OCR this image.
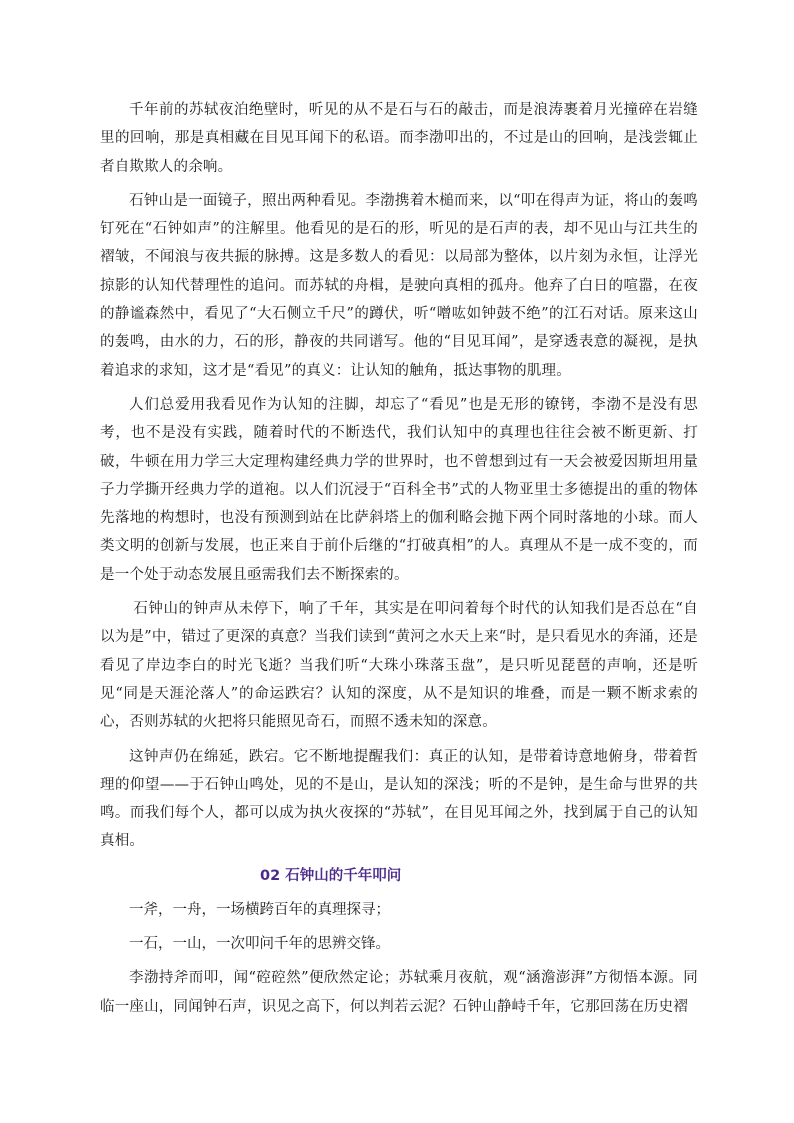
千年前的苏轼夜泊绝壁时，听见的从不是石与石的敲击，而是浪涛裹着月光撞碎在岩缝里的回响，那是真相藏在目见耳闻下的私语。而李渤叩出的，不过是山的回响，是浅尝辄止者自欺欺人的余响。

石钟山是一面镜子，照出两种看见。李渤携着木槌而来，以“叩在得声为证，将山的轰鸣钉死在“石钟如声”的注解里。他看见的是石的形，听见的是石声的表，却不见山与江共生的褶皱，不闻浪与夜共振的脉搏。这是多数人的看见：以局部为整体，以片刻为永恒，让浮光掠影的认知代替理性的追问。而苏轼的舟楫，是驶向真相的孤舟。他弃了白日的喧嚣，在夜的静谧森然中，看见了“大石侧立千尺”的蹲伏，听“噌吰如钟鼓不绝”的江石对话。原来这山的轰鸣，由水的力，石的形，静夜的共同谱写。他的“目见耳闻”，是穿透表意的凝视，是执着追求的求知，这才是“看见”的真义：让认知的触角，抵达事物的肌理。

人们总爱用我看见作为认知的注脚，却忘了“看见”也是无形的镣铐，李渤不是没有思考，也不是没有实践，随着时代的不断迭代，我们认知中的真理也往往会被不断更新、打破，牛顿在用力学三大定理构建经典力学的世界时，也不曾想到过有一天会被爱因斯坦用量子力学撕开经典力学的道袍。以人们沉浸于“百科全书”式的人物亚里士多德提出的重的物体先落地的构想时，也没有预测到站在比萨斜塔上的伽利略会抛下两个同时落地的小球。而人类文明的创新与发展，也正来自于前仆后继的“打破真相”的人。真理从不是一成不变的，而是一个处于动态发展且亟需我们去不断探索的。

石钟山的钟声从未停下，响了千年，其实是在叩问着每个时代的认知我们是否总在“自以为是”中，错过了更深的真意？当我们读到“黄河之水天上来“时，是只看见水的奔涌，还是看见了岸边李白的时光飞逝？当我们听“大珠小珠落玉盘”，是只听见琵琶的声响，还是听见“同是天涯沦落人”的命运跌宕？认知的深度，从不是知识的堆叠，而是一颗不断求索的心，否则苏轼的火把将只能照见奇石，而照不透未知的深意。

这钟声仍在绵延，跌宕。它不断地提醒我们：真正的认知，是带着诗意地俯身，带着哲理的仰望——于石钟山鸣处，见的不是山，是认知的深浅；听的不是钟，是生命与世界的共鸣。而我们每个人，都可以成为执火夜探的“苏轼”，在目见耳闻之外，找到属于自己的认知真相。

02 石钟山的千年叩问

一斧，一舟，一场横跨百年的真理探寻；

一石，一山，一次叩问千年的思辨交锋。

李渤持斧而叩，闻“硿硿然”便欣然定论；苏轼乘月夜航，观“涵澹澎湃”方彻悟本源。同临一座山，同闻钟石声，识见之高下，何以判若云泥？石钟山静峙千年，它那回荡在历史褶
